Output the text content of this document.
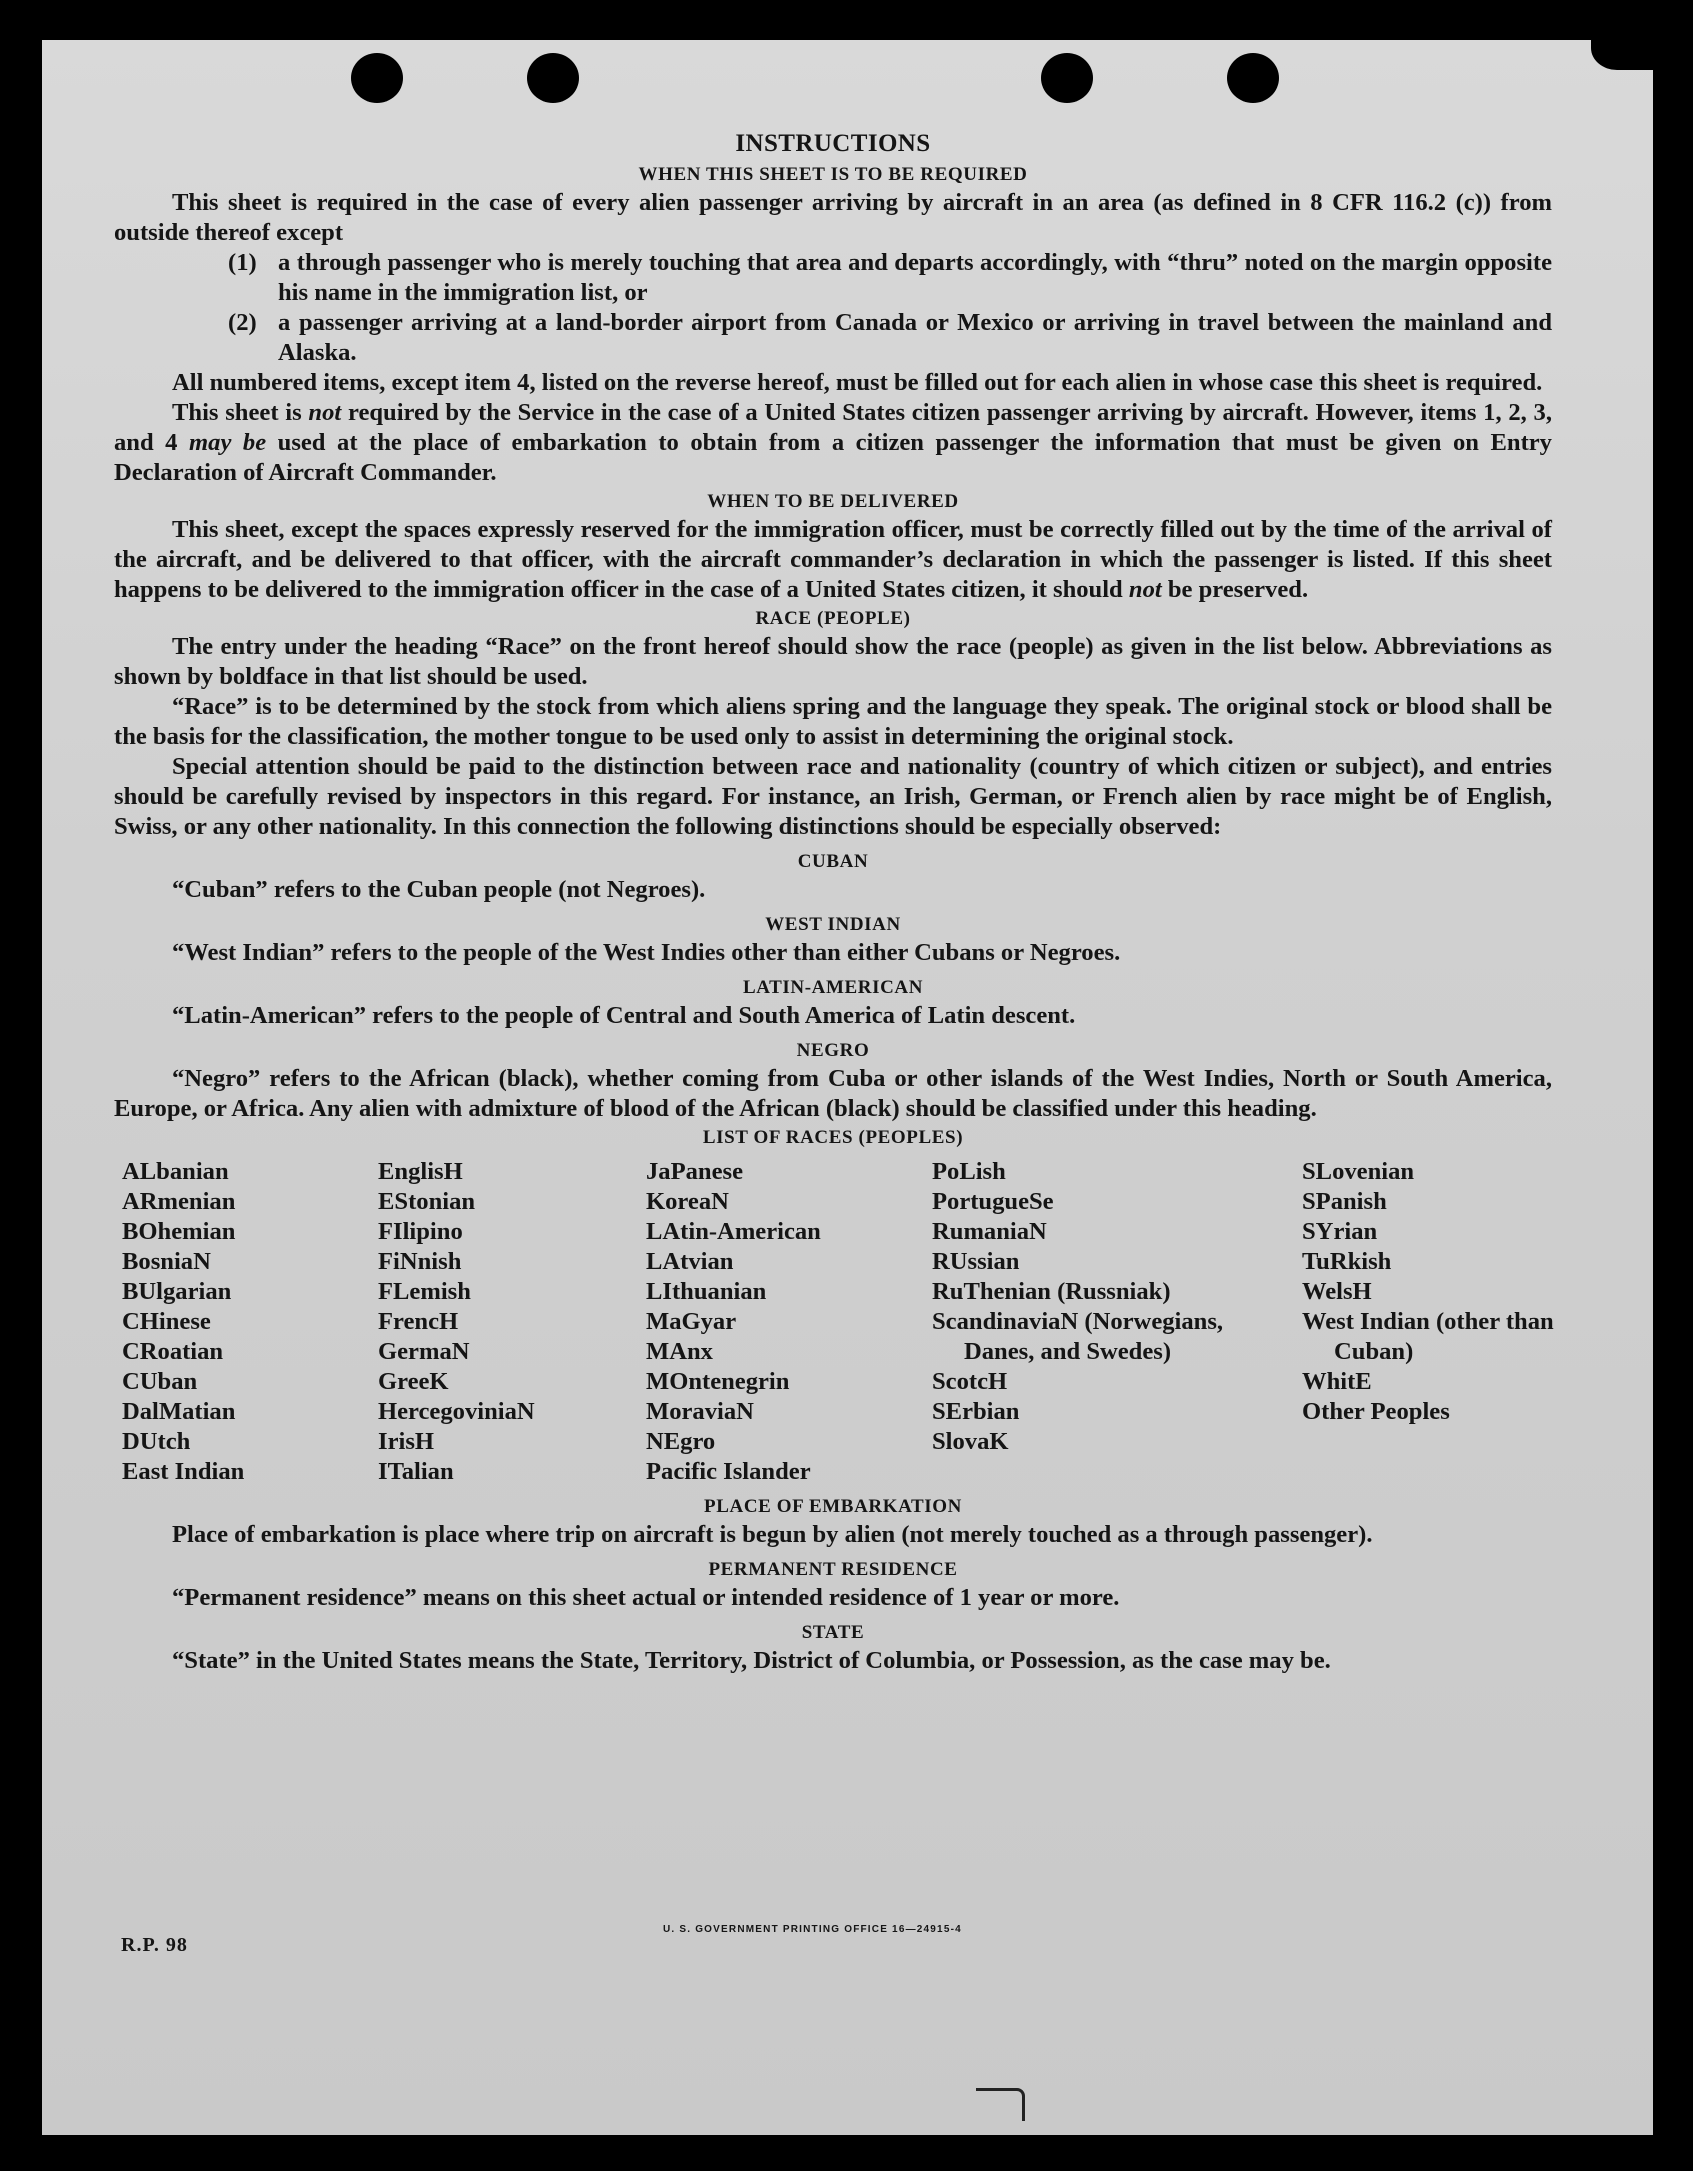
INSTRUCTIONS
WHEN THIS SHEET IS TO BE REQUIRED

This sheet is required in the case of every alien passenger arriving by aircraft in an area (as defined in 8 CFR 116.2 (c)) from outside thereof except

(1) a through passenger who is merely touching that area and departs accordingly, with “thru” noted on the margin opposite his name in the immigration list, or
(2) a passenger arriving at a land-border airport from Canada or Mexico or arriving in travel between the mainland and Alaska.

All numbered items, except item 4, listed on the reverse hereof, must be filled out for each alien in whose case this sheet is required.

This sheet is not required by the Service in the case of a United States citizen passenger arriving by aircraft. However, items 1, 2, 3, and 4 may be used at the place of embarkation to obtain from a citizen passenger the information that must be given on Entry Declaration of Aircraft Commander.

WHEN TO BE DELIVERED

This sheet, except the spaces expressly reserved for the immigration officer, must be correctly filled out by the time of the arrival of the aircraft, and be delivered to that officer, with the aircraft commander’s declaration in which the passenger is listed. If this sheet happens to be delivered to the immigration officer in the case of a United States citizen, it should not be preserved.

RACE (PEOPLE)

The entry under the heading “Race” on the front hereof should show the race (people) as given in the list below. Abbreviations as shown by boldface in that list should be used.

“Race” is to be determined by the stock from which aliens spring and the language they speak. The original stock or blood shall be the basis for the classification, the mother tongue to be used only to assist in determining the original stock.

Special attention should be paid to the distinction between race and nationality (country of which citizen or subject), and entries should be carefully revised by inspectors in this regard. For instance, an Irish, German, or French alien by race might be of English, Swiss, or any other nationality. In this connection the following distinctions should be especially observed:

CUBAN

“Cuban” refers to the Cuban people (not Negroes).

WEST INDIAN

“West Indian” refers to the people of the West Indies other than either Cubans or Negroes.

LATIN-AMERICAN

“Latin-American” refers to the people of Central and South America of Latin descent.

NEGRO

“Negro” refers to the African (black), whether coming from Cuba or other islands of the West Indies, North or South America, Europe, or Africa. Any alien with admixture of blood of the African (black) should be classified under this heading.

LIST OF RACES (PEOPLES)
ALbanian
ARmenian
BOhemian
BosniaN
BUlgarian
CHinese
CRoatian
CUban
DalMatian
DUtch
East Indian
EnglisH
EStonian
FIlipino
FiNnish
FLemish
FrencH
GermaN
GreeK
HercegoviniaN
IrisH
ITalian
JaPanese
KoreaN
LAtin-American
LAtvian
LIthuanian
MaGyar
MAnx
MOntenegrin
MoraviaN
NEgro
Pacific Islander
PoLish
PortugueSe
RumaniaN
RUssian
RuThenian (Russniak)
ScandinaviaN (Norwegians, Danes, and Swedes)
ScotcH
SErbian
SlovaK
SLovenian
SPanish
SYrian
TuRkish
WelsH
West Indian (other than Cuban)
WhitE
Other Peoples
PLACE OF EMBARKATION

Place of embarkation is place where trip on aircraft is begun by alien (not merely touched as a through passenger).

PERMANENT RESIDENCE

“Permanent residence” means on this sheet actual or intended residence of 1 year or more.

STATE

“State” in the United States means the State, Territory, District of Columbia, or Possession, as the case may be.

R.P. 98
U. S. GOVERNMENT PRINTING OFFICE 16—24915-4
